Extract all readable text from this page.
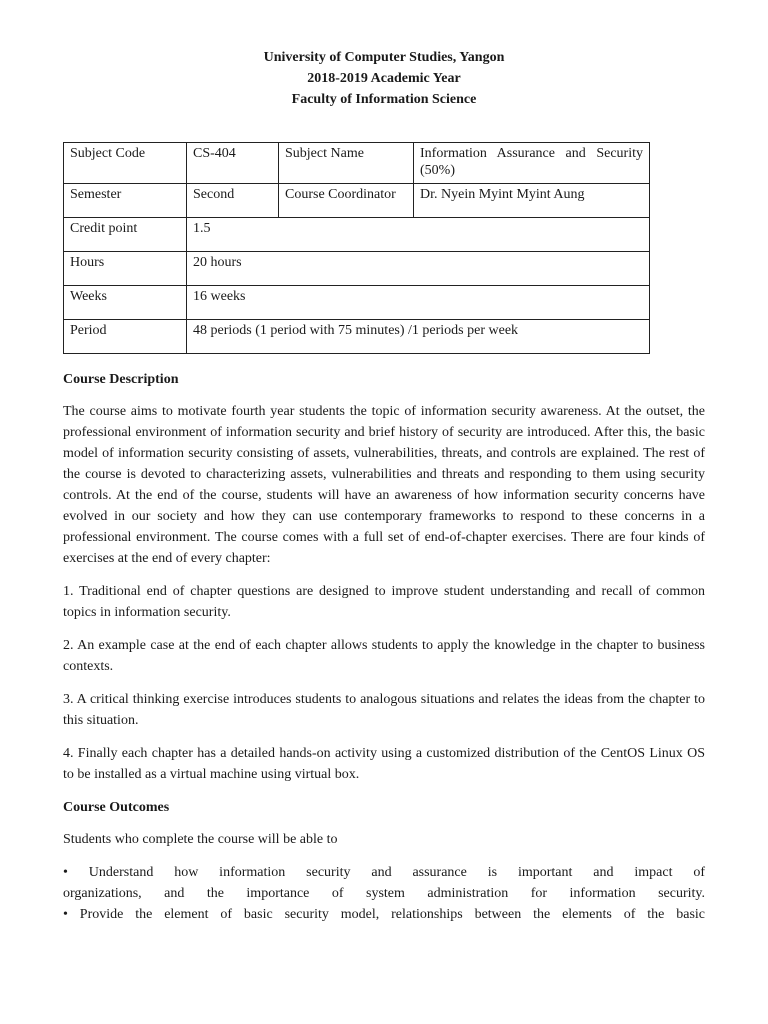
University of Computer Studies, Yangon
2018-2019 Academic Year
Faculty of Information Science
Subject Code	CS-404	Subject Name	Information Assurance and Security (50%)
Semester	Second	Course Coordinator	Dr. Nyein Myint Myint Aung
Credit point	1.5		
Hours	20 hours		
Weeks	16 weeks		
Period	48 periods (1 period with 75 minutes) /1 periods per week		
Course Description

The course aims to motivate fourth year students the topic of information security awareness. At the outset, the professional environment of information security and brief history of security are introduced. After this, the basic model of information security consisting of assets, vulnerabilities, threats, and controls are explained. The rest of the course is devoted to characterizing assets, vulnerabilities and threats and responding to them using security controls. At the end of the course, students will have an awareness of how information security concerns have evolved in our society and how they can use contemporary frameworks to respond to these concerns in a professional environment. The course comes with a full set of end-of-chapter exercises. There are four kinds of exercises at the end of every chapter:

1. Traditional end of chapter questions are designed to improve student understanding and recall of common topics in information security.

2. An example case at the end of each chapter allows students to apply the knowledge in the chapter to business contexts.

3. A critical thinking exercise introduces students to analogous situations and relates the ideas from the chapter to this situation.

4. Finally each chapter has a detailed hands-on activity using a customized distribution of the CentOS Linux OS to be installed as a virtual machine using virtual box.

Course Outcomes

Students who complete the course will be able to

• Understand how information security and assurance is important and impact of

organizations, and the importance of system administration for information security.

• Provide the element of basic security model, relationships between the elements of the basic
